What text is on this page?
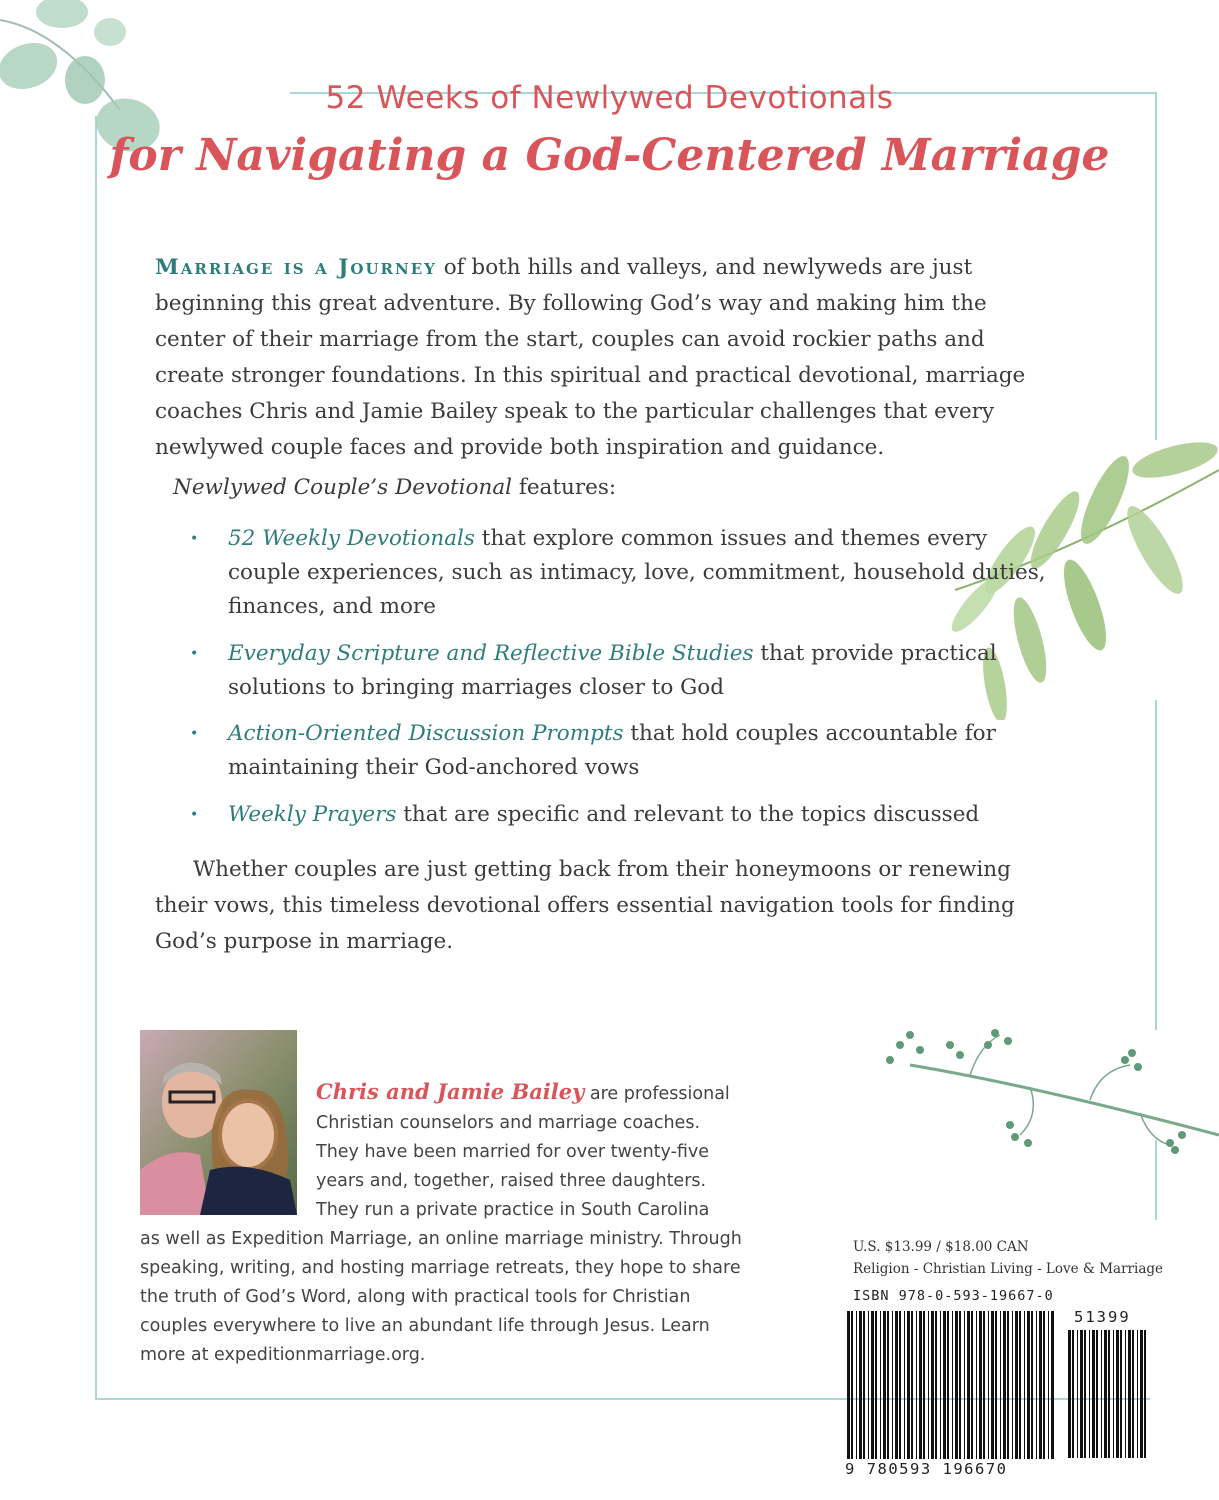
52 Weeks of Newlywed Devotionals
for Navigating a God-Centered Marriage
Marriage is a Journey of both hills and valleys, and newlyweds are just beginning this great adventure. By following God’s way and making him the center of their marriage from the start, couples can avoid rockier paths and create stronger foundations. In this spiritual and practical devotional, marriage coaches Chris and Jamie Bailey speak to the particular challenges that every newlywed couple faces and provide both inspiration and guidance.
Newlywed Couple’s Devotional features:
• 52 Weekly Devotionals that explore common issues and themes every couple experiences, such as intimacy, love, commitment, household duties, finances, and more
• Everyday Scripture and Reflective Bible Studies that provide practical solutions to bringing marriages closer to God
• Action-Oriented Discussion Prompts that hold couples accountable for maintaining their God-anchored vows
• Weekly Prayers that are specific and relevant to the topics discussed
Whether couples are just getting back from their honeymoons or renewing their vows, this timeless devotional offers essential navigation tools for finding God’s purpose in marriage.
Chris and Jamie Bailey are professional
Christian counselors and marriage coaches.
They have been married for over twenty-five
years and, together, raised three daughters.
They run a private practice in South Carolina
as well as Expedition Marriage, an online marriage ministry. Through
speaking, writing, and hosting marriage retreats, they hope to share
the truth of God’s Word, along with practical tools for Christian
couples everywhere to live an abundant life through Jesus. Learn
more at expeditionmarriage.org.
U.S. $13.99 / $18.00 CAN
Religion - Christian Living - Love & Marriage
ISBN 978-0-593-19667-0
51399
9 780593 196670
